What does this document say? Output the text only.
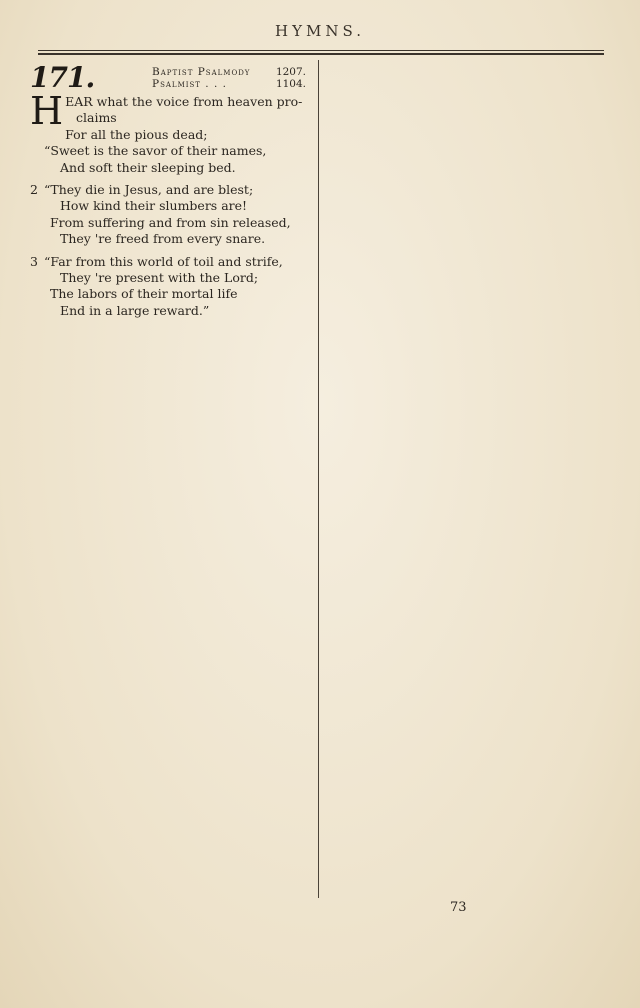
HYMNS.
171.	Baptist Psalmody 1207.
Psalmist . . .	1104.
H EAR what the voice from heaven pro-
claims
For all the pious dead;
“Sweet is the savor of their names,
And soft their sleeping bed.
2 “They die in Jesus, and are blest;
How kind their slumbers are!
From suffering and from sin released,
They 're freed from every snare.
3 “Far from this world of toil and strife,
They 're present with the Lord;
The labors of their mortal life
End in a large reward.”
73
